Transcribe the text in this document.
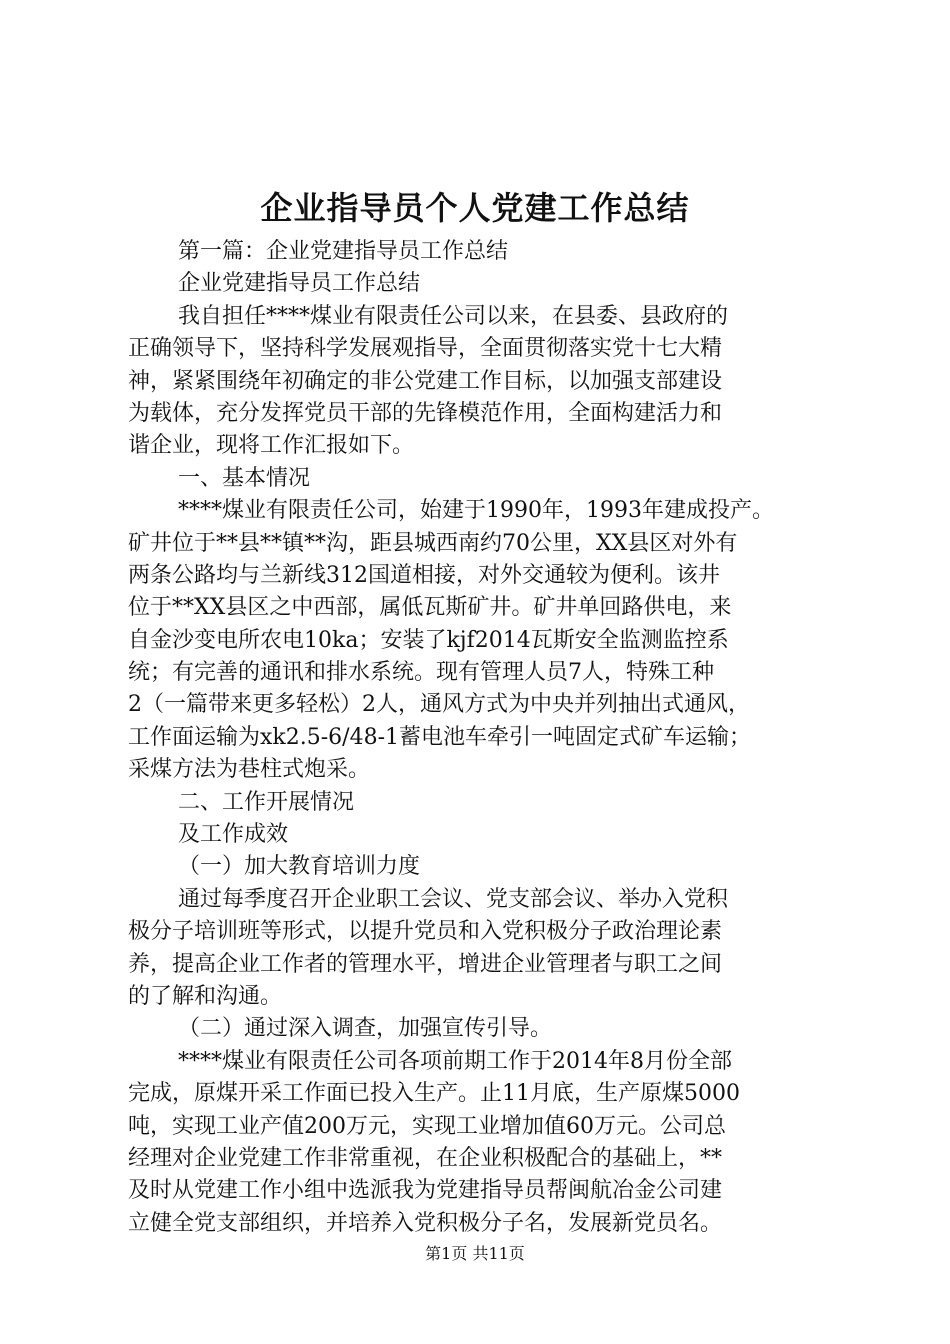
企业指导员个人党建工作总结
第一篇：企业党建指导员工作总结
企业党建指导员工作总结
我自担任****煤业有限责任公司以来，在县委、县政府的
正确领导下，坚持科学发展观指导，全面贯彻落实党十七大精
神，紧紧围绕年初确定的非公党建工作目标，以加强支部建设
为载体，充分发挥党员干部的先锋模范作用，全面构建活力和
谐企业，现将工作汇报如下。
一、基本情况
****煤业有限责任公司，始建于1990年，1993年建成投产。
矿井位于**县**镇**沟，距县城西南约70公里，XX县区对外有
两条公路均与兰新线312国道相接，对外交通较为便利。该井
位于**XX县区之中西部，属低瓦斯矿井。矿井单回路供电，来
自金沙变电所农电10ka；安装了kjf2014瓦斯安全监测监控系
统；有完善的通讯和排水系统。现有管理人员7人，特殊工种
2（一篇带来更多轻松）2人，通风方式为中央并列抽出式通风，
工作面运输为xk2.5-6/48-1蓄电池车牵引一吨固定式矿车运输；
采煤方法为巷柱式炮采。
二、工作开展情况
及工作成效
（一）加大教育培训力度
通过每季度召开企业职工会议、党支部会议、举办入党积
极分子培训班等形式，以提升党员和入党积极分子政治理论素
养，提高企业工作者的管理水平，增进企业管理者与职工之间
的了解和沟通。
（二）通过深入调查，加强宣传引导。
****煤业有限责任公司各项前期工作于2014年8月份全部
完成，原煤开采工作面已投入生产。止11月底，生产原煤5000
吨，实现工业产值200万元，实现工业增加值60万元。公司总
经理对企业党建工作非常重视，在企业积极配合的基础上，**
及时从党建工作小组中选派我为党建指导员帮闽航冶金公司建
立健全党支部组织，并培养入党积极分子名，发展新党员名。
第1页 共11页
